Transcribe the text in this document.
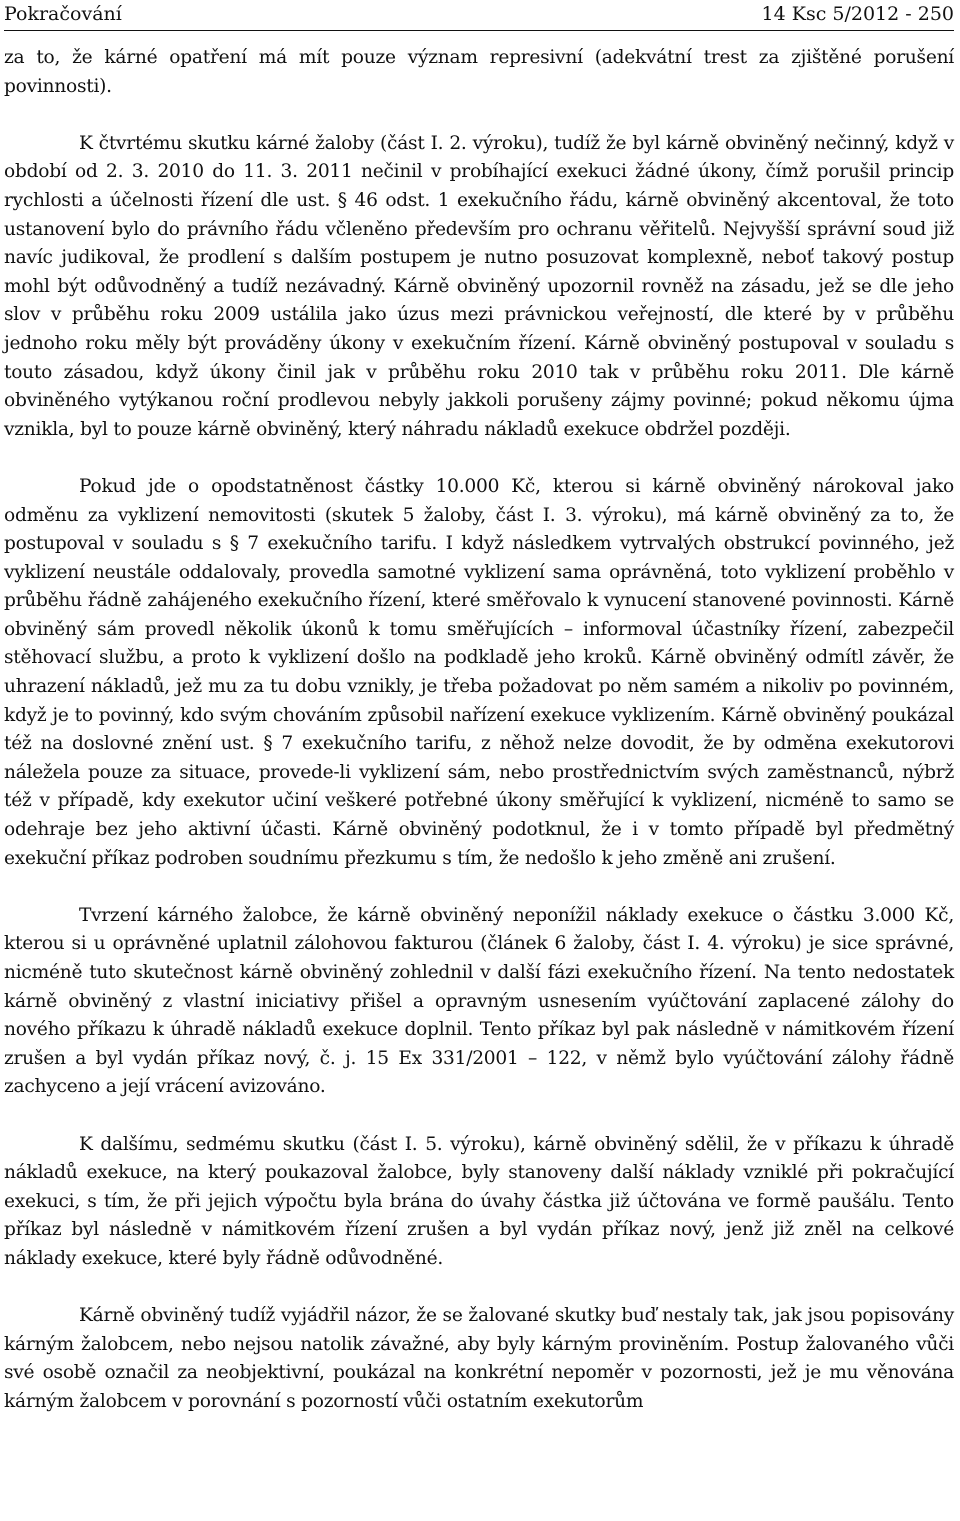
Pokračování	14 Ksc 5/2012 - 250

za to, že kárné opatření má mít pouze význam represivní (adekvátní trest za zjištěné porušení povinnosti).

K čtvrtému skutku kárné žaloby (část I. 2. výroku), tudíž že byl kárně obviněný nečinný, když v období od 2. 3. 2010 do 11. 3. 2011 nečinil v probíhající exekuci žádné úkony, čímž porušil princip rychlosti a účelnosti řízení dle ust. § 46 odst. 1 exekučního řádu, kárně obviněný akcentoval, že toto ustanovení bylo do právního řádu včleněno především pro ochranu věřitelů. Nejvyšší správní soud již navíc judikoval, že prodlení s dalším postupem je nutno posuzovat komplexně, neboť takový postup mohl být odůvodněný a tudíž nezávadný. Kárně obviněný upozornil rovněž na zásadu, jež se dle jeho slov v průběhu roku 2009 ustálila jako úzus mezi právnickou veřejností, dle které by v průběhu jednoho roku měly být prováděny úkony v exekučním řízení. Kárně obviněný postupoval v souladu s touto zásadou, když úkony činil jak v průběhu roku 2010 tak v průběhu roku 2011. Dle kárně obviněného vytýkanou roční prodlevou nebyly jakkoli porušeny zájmy povinné; pokud někomu újma vznikla, byl to pouze kárně obviněný, který náhradu nákladů exekuce obdržel později.

Pokud jde o opodstatněnost částky 10.000 Kč, kterou si kárně obviněný nárokoval jako odměnu za vyklizení nemovitosti (skutek 5 žaloby, část I. 3. výroku), má kárně obviněný za to, že postupoval v souladu s § 7 exekučního tarifu. I když následkem vytrvalých obstrukcí povinného, jež vyklizení neustále oddalovaly, provedla samotné vyklizení sama oprávněná, toto vyklizení proběhlo v průběhu řádně zahájeného exekučního řízení, které směřovalo k vynucení stanovené povinnosti. Kárně obviněný sám provedl několik úkonů k tomu směřujících – informoval účastníky řízení, zabezpečil stěhovací službu, a proto k vyklizení došlo na podkladě jeho kroků. Kárně obviněný odmítl závěr, že uhrazení nákladů, jež mu za tu dobu vznikly, je třeba požadovat po něm samém a nikoliv po povinném, když je to povinný, kdo svým chováním způsobil nařízení exekuce vyklizením. Kárně obviněný poukázal též na doslovné znění ust. § 7 exekučního tarifu, z něhož nelze dovodit, že by odměna exekutorovi náležela pouze za situace, provede-li vyklizení sám, nebo prostřednictvím svých zaměstnanců, nýbrž též v případě, kdy exekutor učiní veškeré potřebné úkony směřující k vyklizení, nicméně to samo se odehraje bez jeho aktivní účasti. Kárně obviněný podotknul, že i v tomto případě byl předmětný exekuční příkaz podroben soudnímu přezkumu s tím, že nedošlo k jeho změně ani zrušení.

Tvrzení kárného žalobce, že kárně obviněný neponížil náklady exekuce o částku 3.000 Kč, kterou si u oprávněné uplatnil zálohovou fakturou (článek 6 žaloby, část I. 4. výroku) je sice správné, nicméně tuto skutečnost kárně obviněný zohlednil v další fázi exekučního řízení. Na tento nedostatek kárně obviněný z vlastní iniciativy přišel a opravným usnesením vyúčtování zaplacené zálohy do nového příkazu k úhradě nákladů exekuce doplnil. Tento příkaz byl pak následně v námitkovém řízení zrušen a byl vydán příkaz nový, č. j. 15 Ex 331/2001 – 122, v němž bylo vyúčtování zálohy řádně zachyceno a její vrácení avizováno.

K dalšímu, sedmému skutku (část I. 5. výroku), kárně obviněný sdělil, že v příkazu k úhradě nákladů exekuce, na který poukazoval žalobce, byly stanoveny další náklady vzniklé při pokračující exekuci, s tím, že při jejich výpočtu byla brána do úvahy částka již účtována ve formě paušálu. Tento příkaz byl následně v námitkovém řízení zrušen a byl vydán příkaz nový, jenž již zněl na celkové náklady exekuce, které byly řádně odůvodněné.

Kárně obviněný tudíž vyjádřil názor, že se žalované skutky buď nestaly tak, jak jsou popisovány kárným žalobcem, nebo nejsou natolik závažné, aby byly kárným proviněním. Postup žalovaného vůči své osobě označil za neobjektivní, poukázal na konkrétní nepoměr v pozornosti, jež je mu věnována kárným žalobcem v porovnání s pozorností vůči ostatním exekutorům
